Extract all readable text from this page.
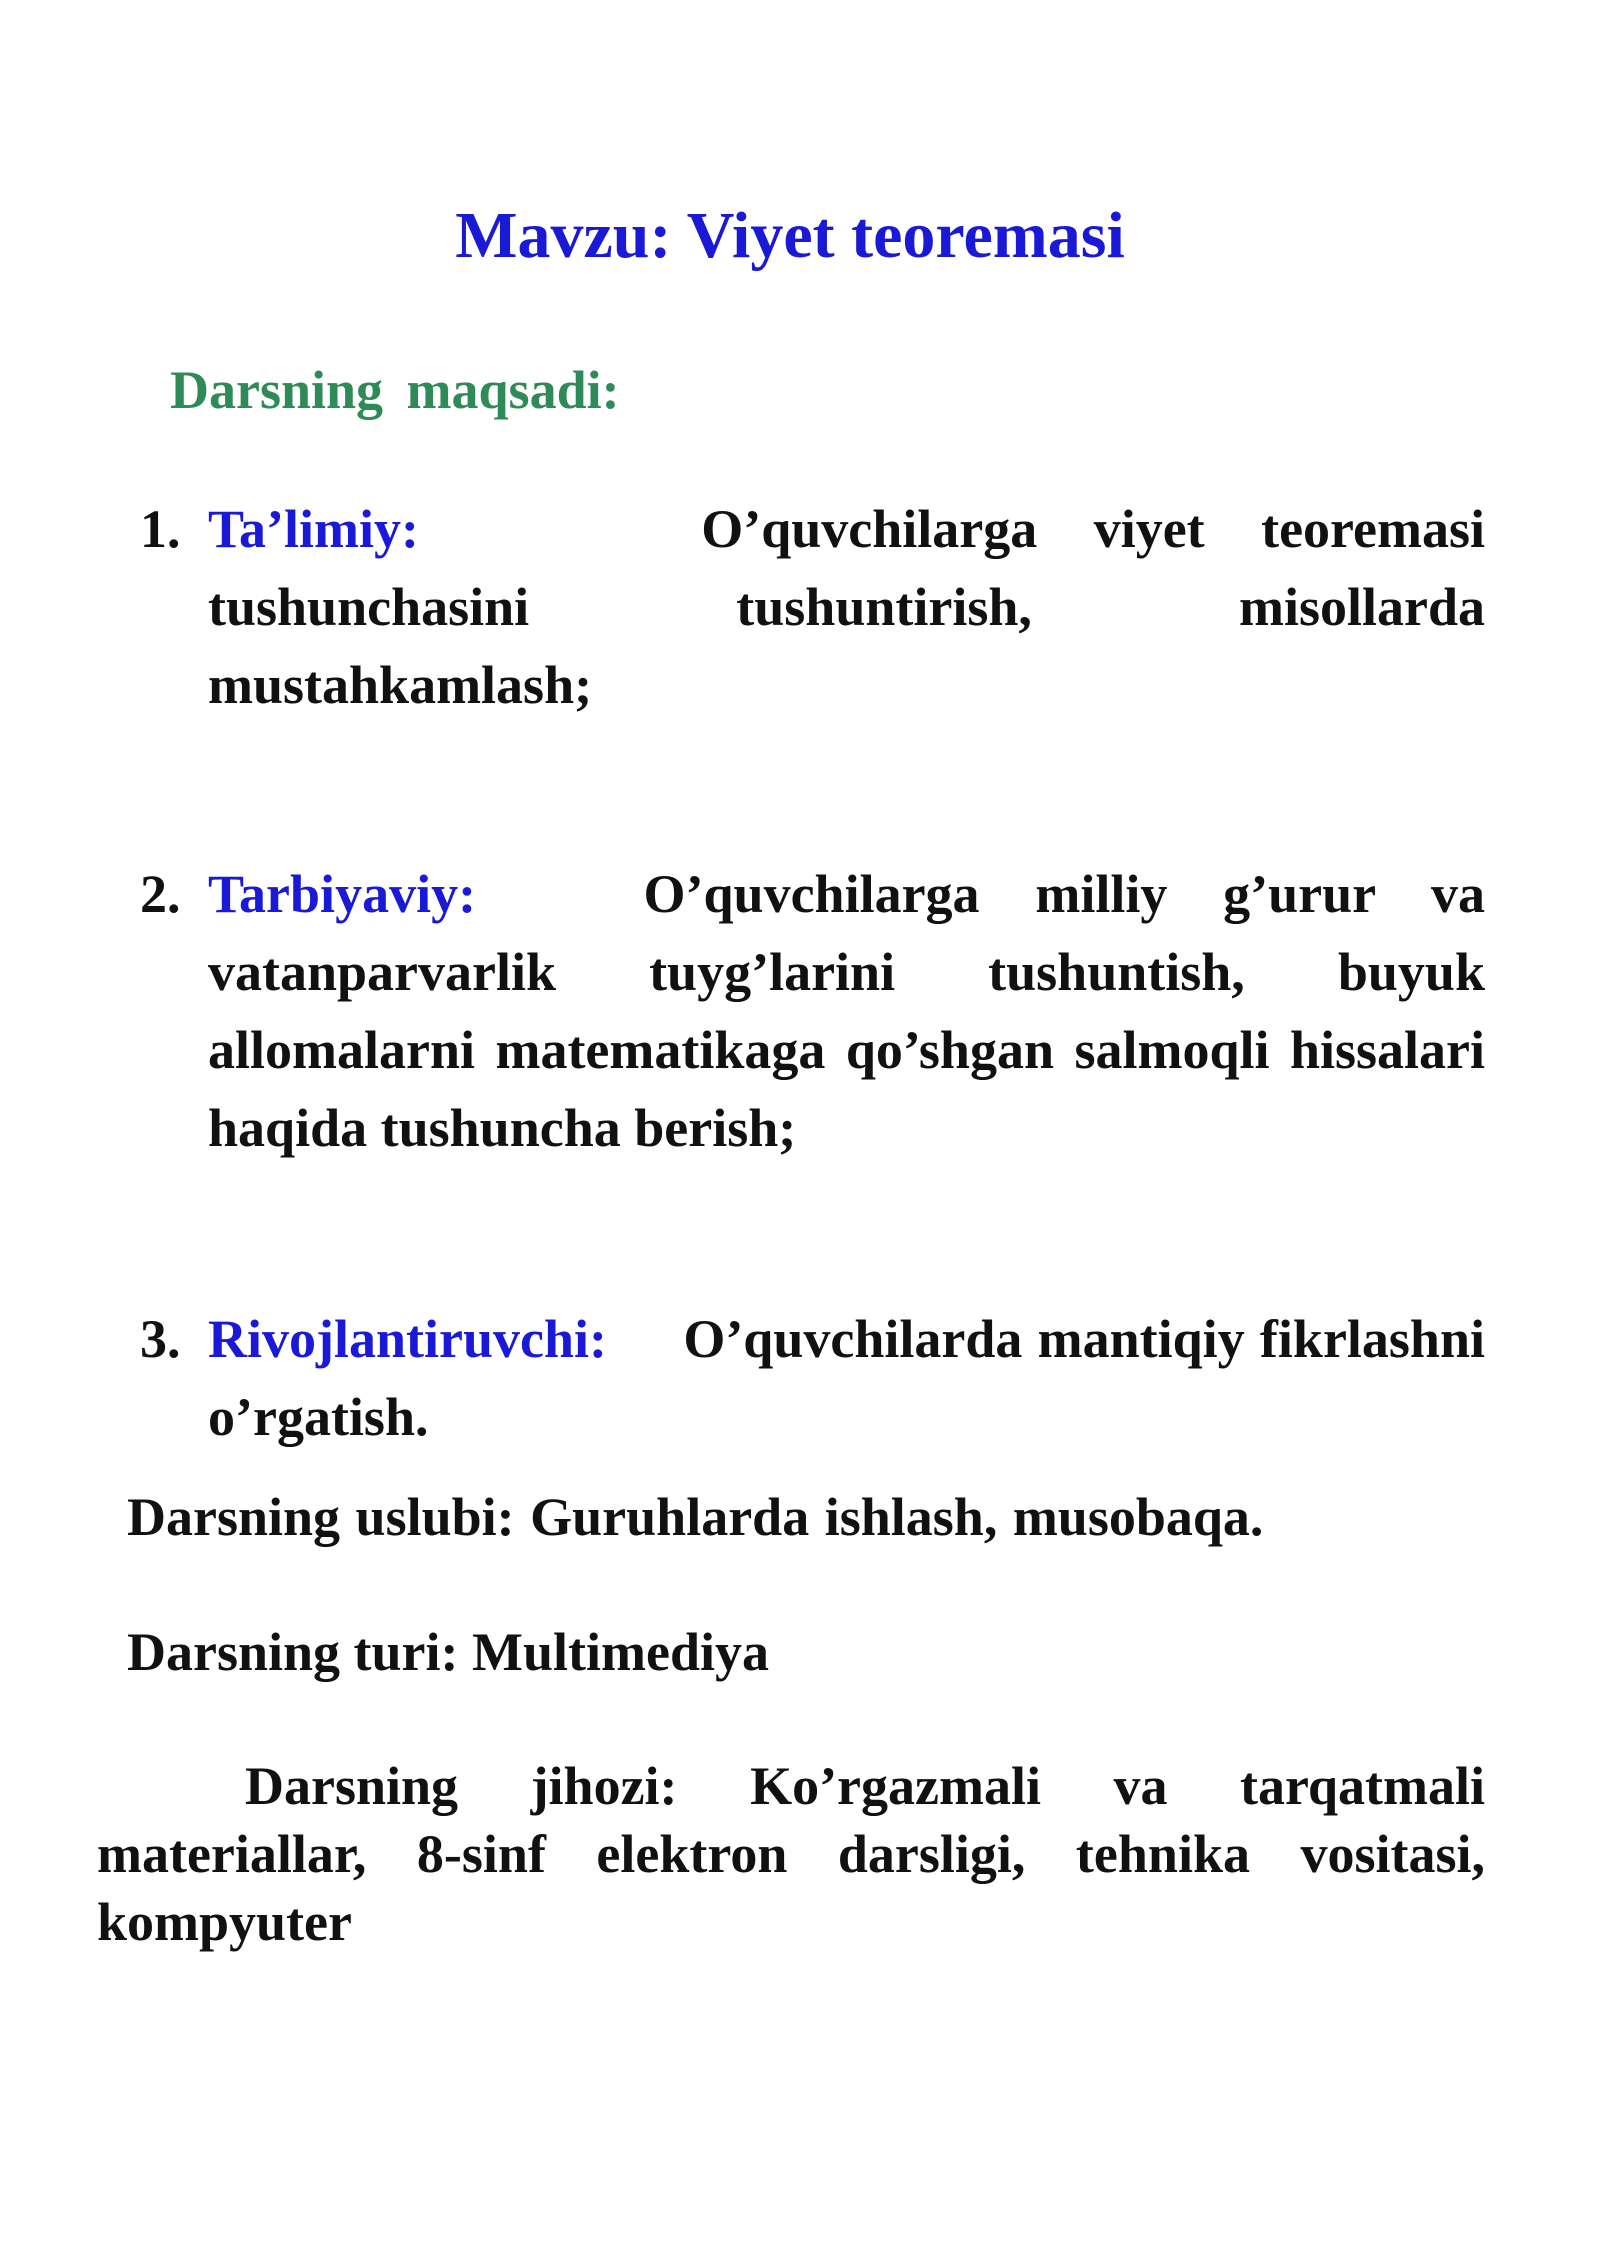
Mavzu: Viyet teoremasi
Darsning maqsadi:
1. Ta’limiy:	O’quvchilarga viyet teoremasi tushunchasini tushuntirish, misollarda mustahkamlash;
2. Tarbiyaviy:	O’quvchilarga milliy g’urur va vatanparvarlik tuyg’larini tushuntish, buyuk allomalarni matematikaga qo’shgan salmoqli hissalari haqida tushuncha berish;
3. Rivojlantiruvchi: O’quvchilarda mantiqiy fikrlashni o’rgatish.
Darsning uslubi: Guruhlarda ishlash, musobaqa.
Darsning turi: Multimediya
Darsning jihozi: Ko’rgazmali va tarqatmali materiallar, 8-sinf elektron darsligi, tehnika vositasi, kompyuter
